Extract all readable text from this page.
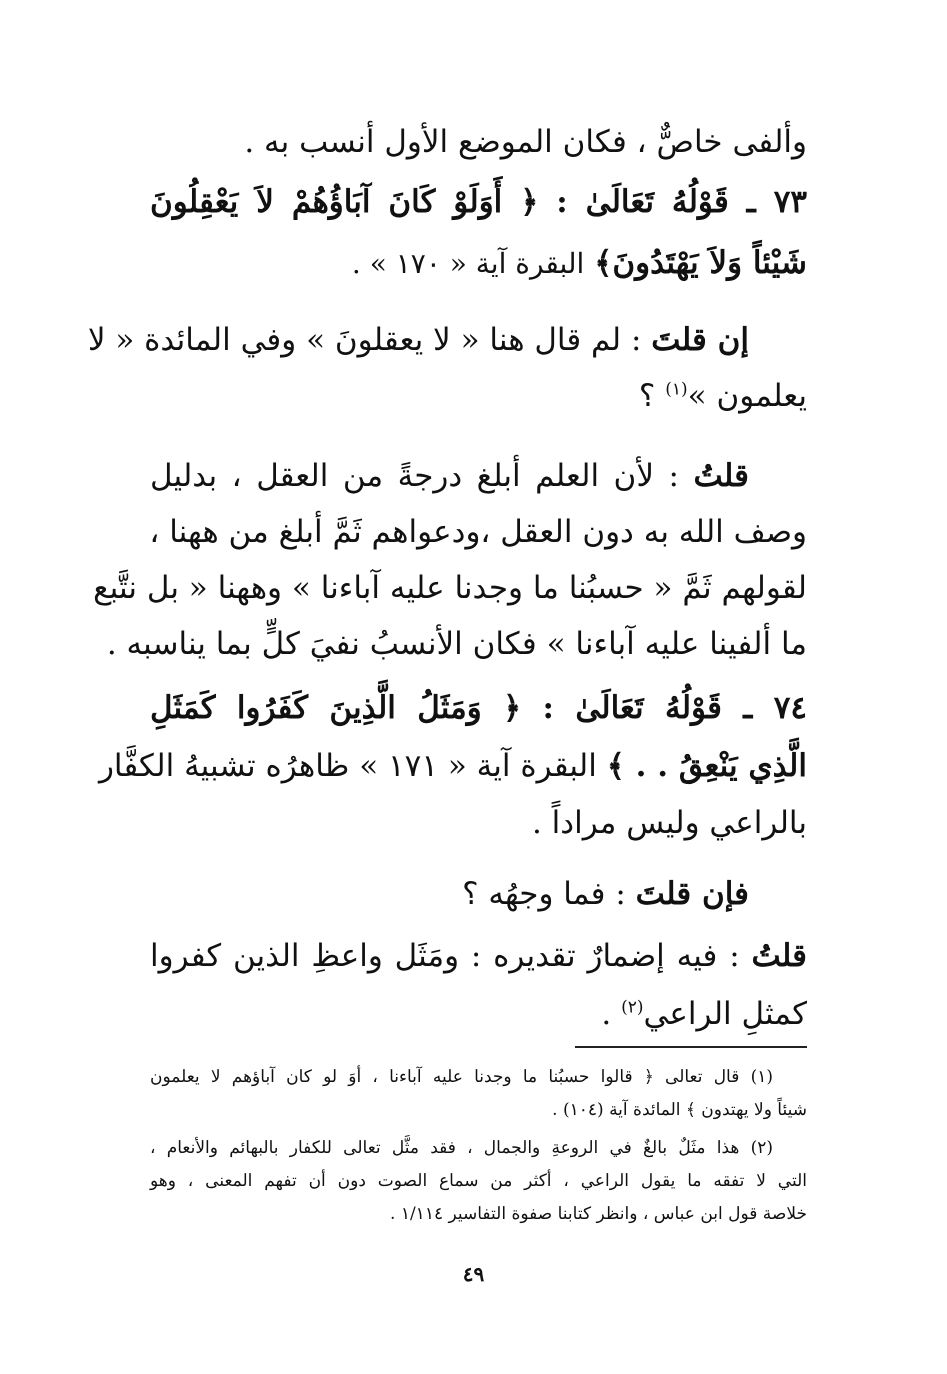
وألفى خاصٌّ ، فكان الموضع الأول أنسب به .
٧٣ ـ قَوْلُهُ تَعَالَىٰ : ﴿ أَوَلَوْ كَانَ آبَاؤُهُمْ لاَ يَعْقِلُونَ
شَيْئاً وَلاَ يَهْتَدُونَ﴾ البقرة آية « ١٧٠ » .
إن قلتَ : لم قال هنا « لا يعقلونَ » وفي المائدة « لا
يعلمون »$^{(١)}$ ؟
قلتُ : لأن العلم أبلغ درجةً من العقل ، بدليل
وصف الله به دون العقل ،ودعواهم ثَمَّ أبلغ من ههنا ،
لقولهم ثَمَّ « حسبُنا ما وجدنا عليه آباءنا » وههنا « بل نتَّبع
ما ألفينا عليه آباءنا » فكان الأنسبُ نفيَ كلٍّ بما يناسبه .
٧٤ ـ قَوْلُهُ تَعَالَىٰ : ﴿ وَمَثَلُ الَّذِينَ كَفَرُوا كَمَثَلِ
الَّذِي يَنْعِقُ . . ﴾ البقرة آية « ١٧١ » ظاهرُه تشبيهُ الكفَّار
بالراعي وليس مراداً .
فإن قلتَ : فما وجهُه ؟
قلتُ : فيه إضمارٌ تقديره : ومَثَل واعظِ الذين كفروا
كمثلِ الراعي$^{(٢)}$ .
(١) قال تعالى ﴿ قالوا حسبُنا ما وجدنا عليه آباءنا ، أوَ لو كان آباؤهم لا يعلمون
شيئاً ولا يهتدون ﴾ المائدة آية (١٠٤) .
(٢) هذا مثَلٌ بالغٌ في الروعةِ والجمال ، فقد مثَّل تعالى للكفار بالبهائم والأنعام ،
التي لا تفقه ما يقول الراعي ، أكثر من سماع الصوت دون أن تفهم المعنى ، وهو
خلاصة قول ابن عباس ، وانظر كتابنا صفوة التفاسير ١/١١٤ .
٤٩
